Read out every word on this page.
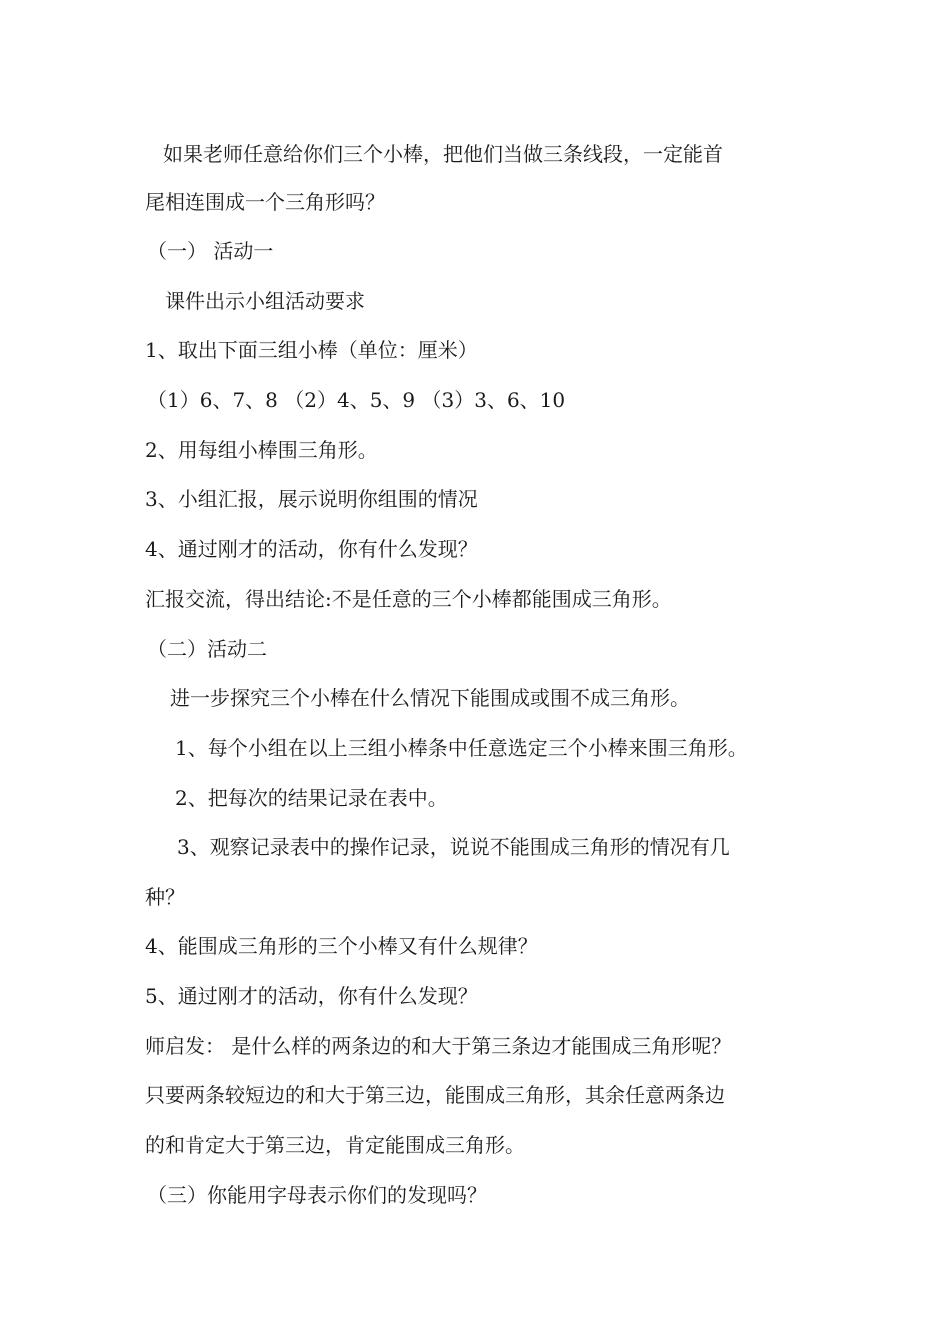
如果老师任意给你们三个小棒，把他们当做三条线段，一定能首
尾相连围成一个三角形吗？
（一） 活动一
课件出示小组活动要求
1、取出下面三组小棒（单位：厘米）
（1）6、7、8 （2）4、5、9 （3）3、6、10
2、用每组小棒围三角形。
3、小组汇报，展示说明你组围的情况
4、通过刚才的活动，你有什么发现？
汇报交流，得出结论:不是任意的三个小棒都能围成三角形。
（二）活动二
进一步探究三个小棒在什么情况下能围成或围不成三角形。
1、每个小组在以上三组小棒条中任意选定三个小棒来围三角形。
2、把每次的结果记录在表中。
3、观察记录表中的操作记录，说说不能围成三角形的情况有几
种？
4、能围成三角形的三个小棒又有什么规律？
5、通过刚才的活动，你有什么发现？
师启发： 是什么样的两条边的和大于第三条边才能围成三角形呢？
只要两条较短边的和大于第三边，能围成三角形，其余任意两条边
的和肯定大于第三边，肯定能围成三角形。
（三）你能用字母表示你们的发现吗？
